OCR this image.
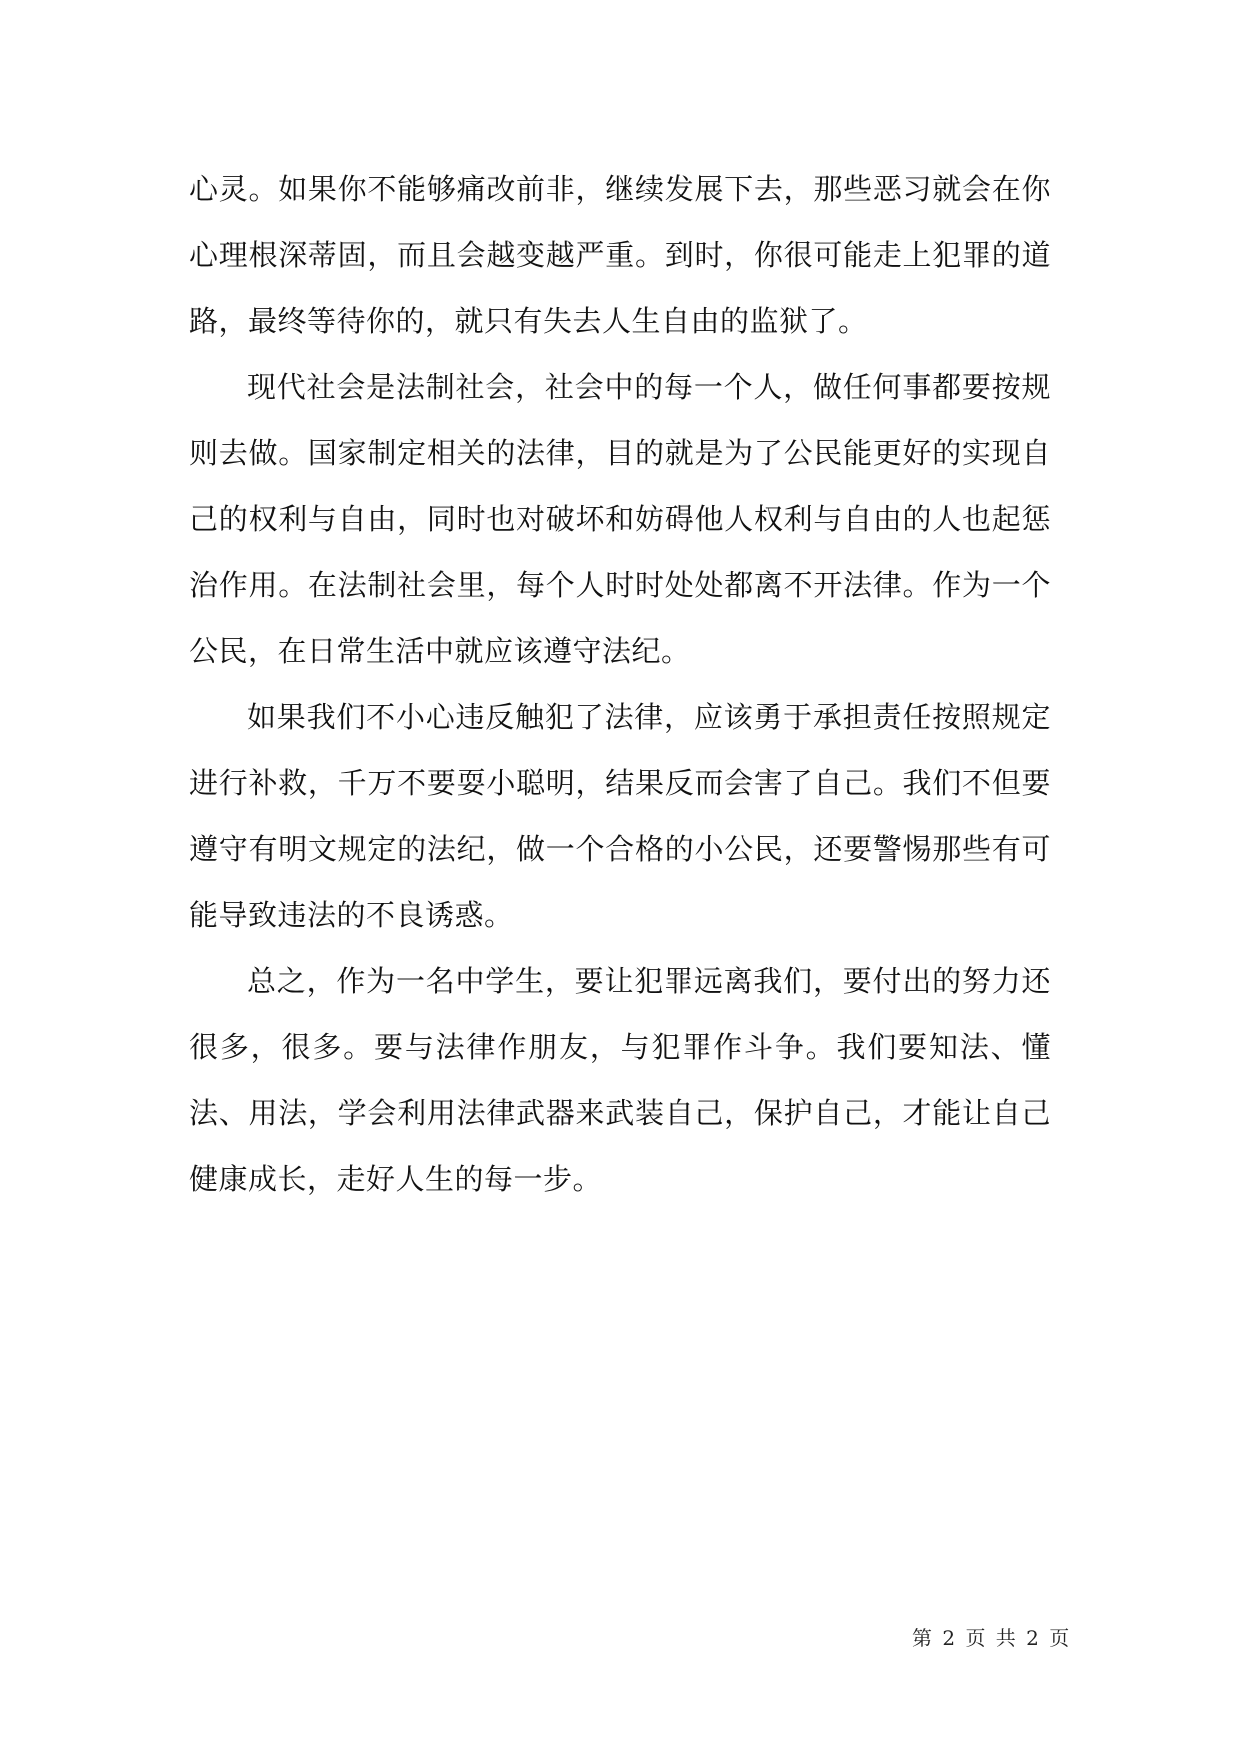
心灵。如果你不能够痛改前非，继续发展下去，那些恶习就会在你心理根深蒂固，而且会越变越严重。到时，你很可能走上犯罪的道路，最终等待你的，就只有失去人生自由的监狱了。

现代社会是法制社会，社会中的每一个人，做任何事都要按规则去做。国家制定相关的法律，目的就是为了公民能更好的实现自己的权利与自由，同时也对破坏和妨碍他人权利与自由的人也起惩治作用。在法制社会里，每个人时时处处都离不开法律。作为一个公民，在日常生活中就应该遵守法纪。

如果我们不小心违反触犯了法律，应该勇于承担责任按照规定进行补救，千万不要耍小聪明，结果反而会害了自己。我们不但要遵守有明文规定的法纪，做一个合格的小公民，还要警惕那些有可能导致违法的不良诱惑。

总之，作为一名中学生，要让犯罪远离我们，要付出的努力还很多，很多。要与法律作朋友，与犯罪作斗争。我们要知法、懂法、用法，学会利用法律武器来武装自己，保护自己，才能让自己健康成长，走好人生的每一步。

第 2 页 共 2 页
